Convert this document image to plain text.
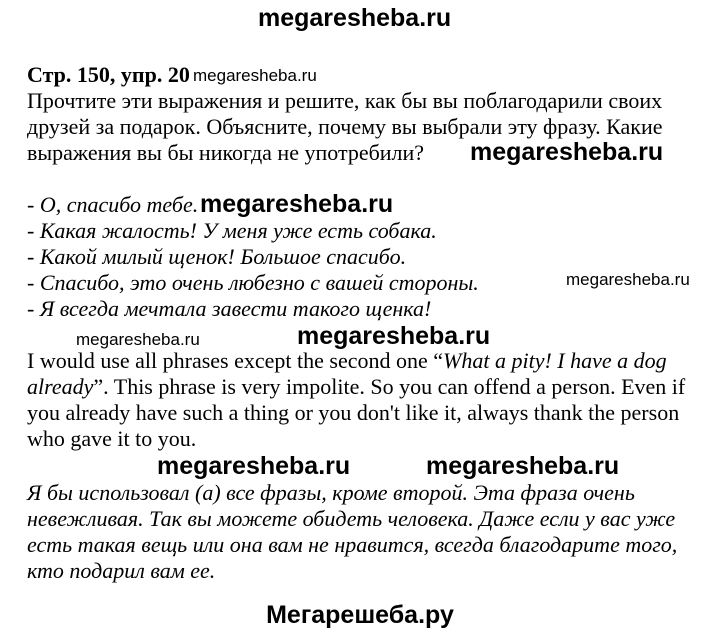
megaresheba.ru
megaresheba.ru
megaresheba.ru
megaresheba.ru
megaresheba.ru
megaresheba.ru	megaresheba.ru
megaresheba.ru	megaresheba.ru
Стр. 150, упр. 20
Прочтите эти выражения и решите, как бы вы поблагодарили своих
друзей за подарок. Объясните, почему вы выбрали эту фразу. Какие
выражения вы бы никогда не употребили?
- О, спасибо тебе.
- Какая жалость! У меня уже есть собака.
- Какой милый щенок! Большое спасибо.
- Спасибо, это очень любезно с вашей стороны.
- Я всегда мечтала завести такого щенка!
I would use all phrases except the second one “What a pity! I have a dog
already”. This phrase is very impolite. So you can offend a person. Even if
you already have such a thing or you don't like it, always thank the person
who gave it to you.
Я бы использовал (а) все фразы, кроме второй. Эта фраза очень
невежливая. Так вы можете обидеть человека. Даже если у вас уже
есть такая вещь или она вам не нравится, всегда благодарите того,
кто подарил вам ее.
Мегарешеба.ру
